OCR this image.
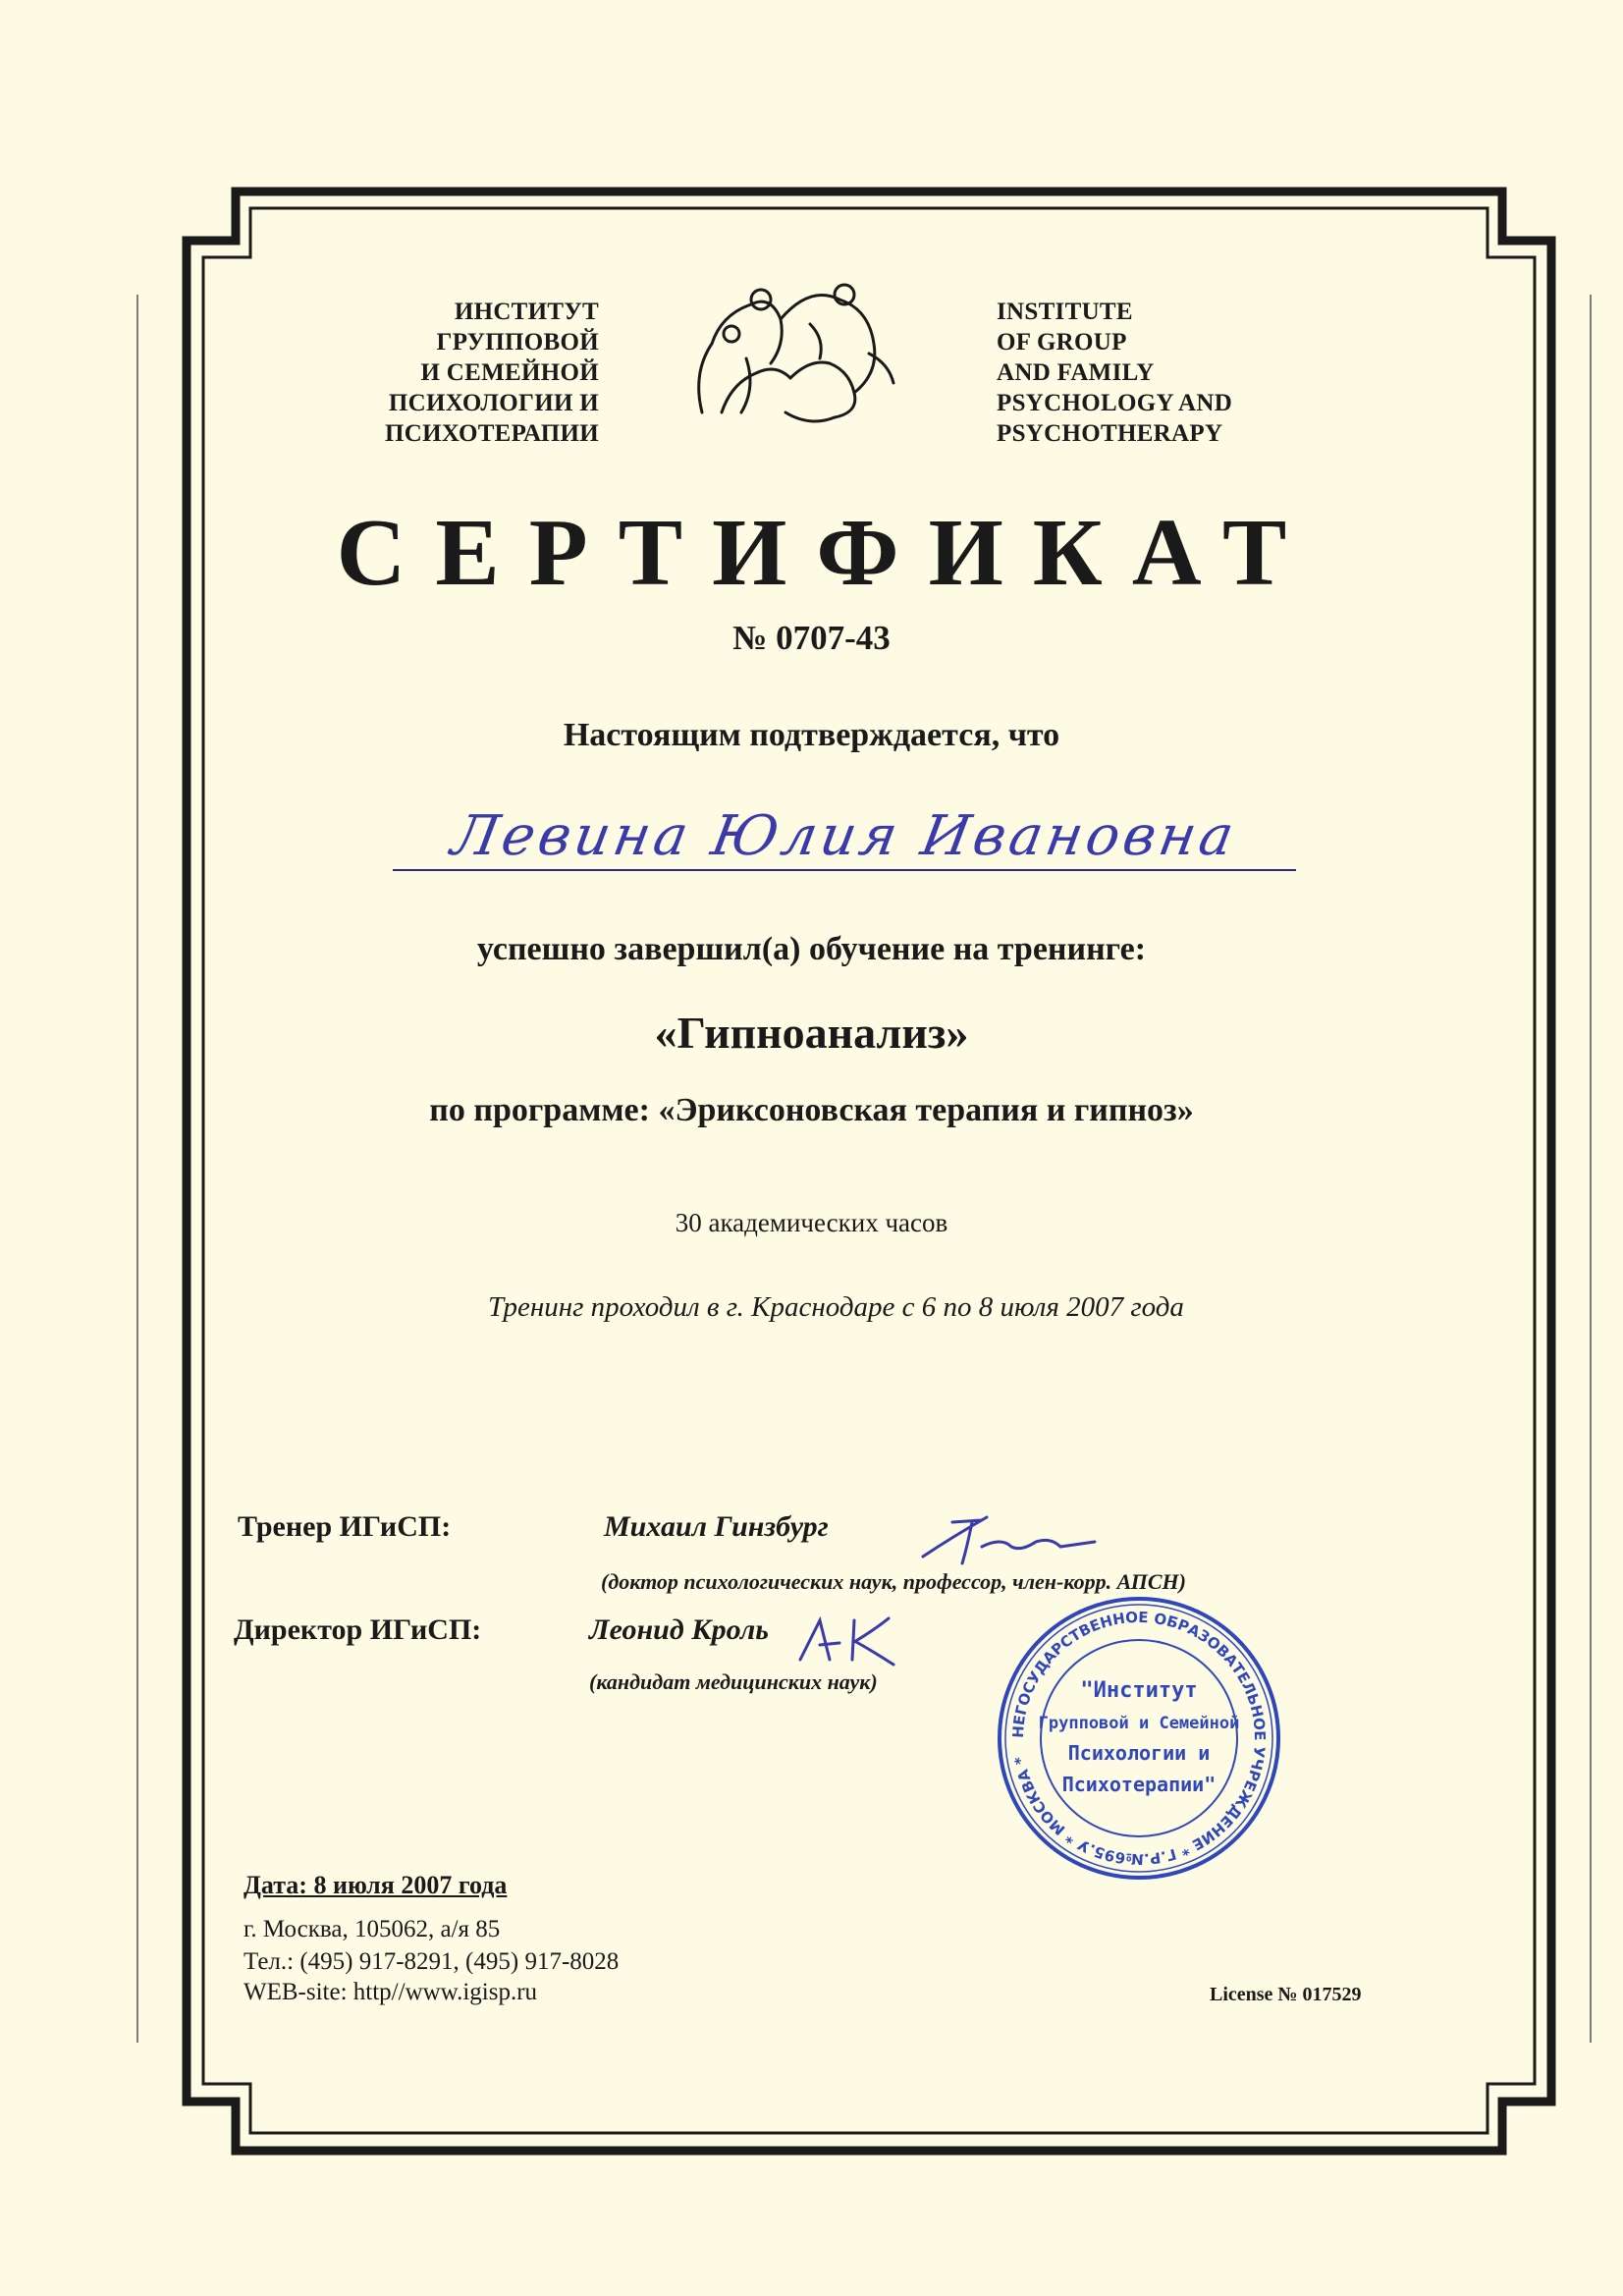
ИНСТИТУТ
ГРУППОВОЙ
И СЕМЕЙНОЙ
ПСИХОЛОГИИ И
ПСИХОТЕРАПИИ
INSTITUTE
OF GROUP
AND FAMILY
PSYCHOLOGY AND
PSYCHOTHERAPY
СЕРТИФИКАТ
№ 0707-43
Настоящим подтверждается, что
Левина Юлия Ивановна
успешно завершил(а) обучение на тренинге:
«Гипноанализ»
по программе: «Эриксоновская терапия и гипноз»
30 академических часов
Тренинг проходил в г. Краснодаре с 6 по 8 июля 2007 года
Тренер ИГиСП:	Михаил Гинзбург
(доктор психологических наук, профессор, член-корр. АПСН)
Директор ИГиСП:	Леонид Кроль
(кандидат медицинских наук)
НЕГОСУДАРСТВЕННОЕ ОБРАЗОВАТЕЛЬНОЕ УЧРЕЖДЕНИЕ * Г.Р.№695.У * МОСКВА *
"Институт
Групповой и Семейной
Психологии и
Психотерапии"
Дата: 8 июля 2007 года
г. Москва, 105062, а/я 85
Тел.: (495) 917-8291, (495) 917-8028
WEB-site: http//www.igisp.ru	License № 017529
